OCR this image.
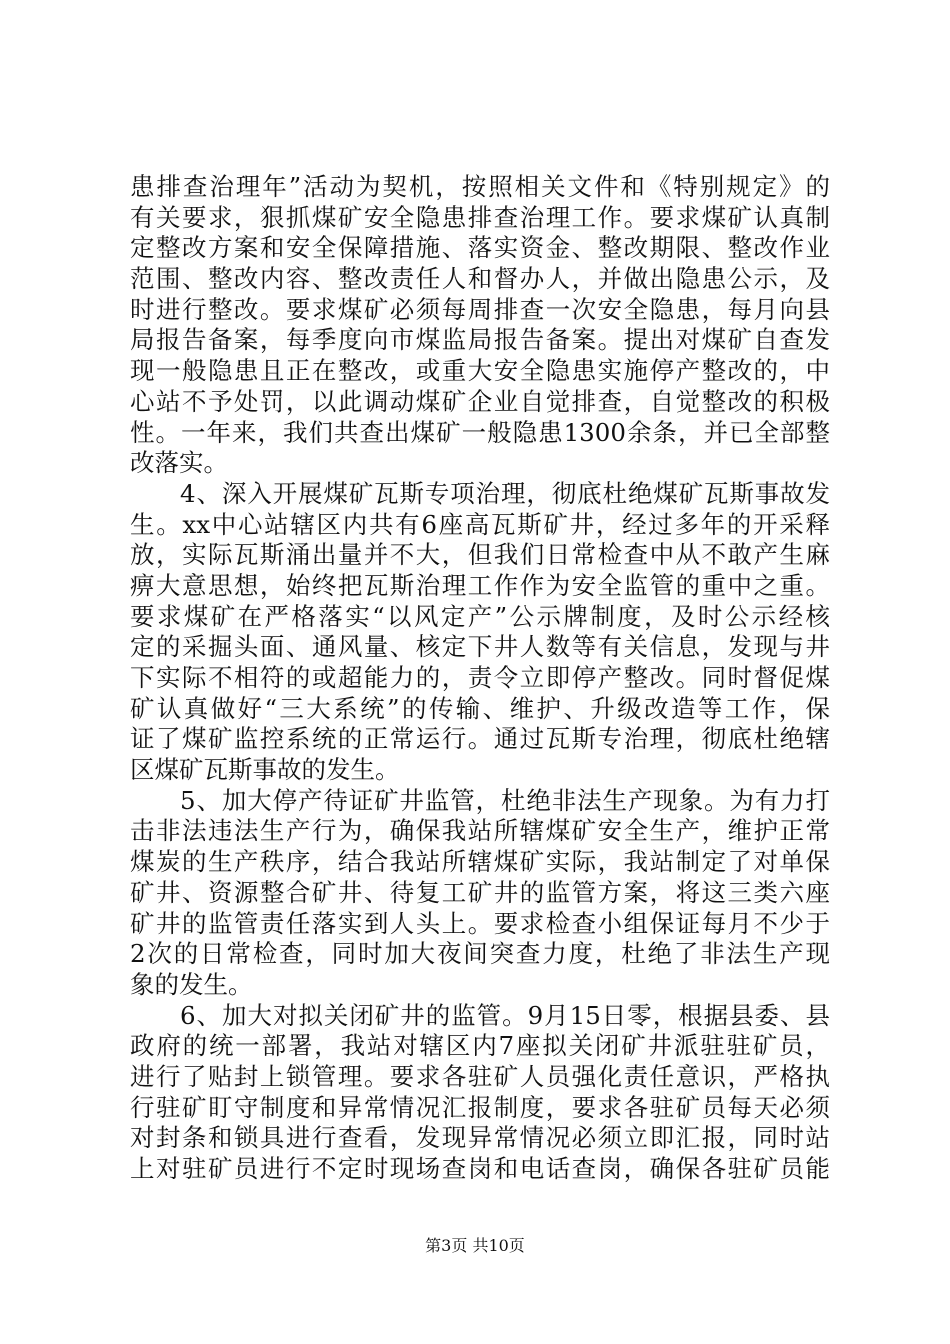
患排查治理年”活动为契机，按照相关文件和《特别规定》的
有关要求，狠抓煤矿安全隐患排查治理工作。要求煤矿认真制
定整改方案和安全保障措施、落实资金、整改期限、整改作业
范围、整改内容、整改责任人和督办人，并做出隐患公示，及
时进行整改。要求煤矿必须每周排查一次安全隐患，每月向县
局报告备案，每季度向市煤监局报告备案。提出对煤矿自查发
现一般隐患且正在整改，或重大安全隐患实施停产整改的，中
心站不予处罚，以此调动煤矿企业自觉排查，自觉整改的积极
性。一年来，我们共查出煤矿一般隐患1300余条，并已全部整
改落实。
4、深入开展煤矿瓦斯专项治理，彻底杜绝煤矿瓦斯事故发
生。xx中心站辖区内共有6座高瓦斯矿井，经过多年的开采释
放，实际瓦斯涌出量并不大，但我们日常检查中从不敢产生麻
痹大意思想，始终把瓦斯治理工作作为安全监管的重中之重。
要求煤矿在严格落实“以风定产”公示牌制度，及时公示经核
定的采掘头面、通风量、核定下井人数等有关信息，发现与井
下实际不相符的或超能力的，责令立即停产整改。同时督促煤
矿认真做好“三大系统”的传输、维护、升级改造等工作，保
证了煤矿监控系统的正常运行。通过瓦斯专治理，彻底杜绝辖
区煤矿瓦斯事故的发生。
5、加大停产待证矿井监管，杜绝非法生产现象。为有力打
击非法违法生产行为，确保我站所辖煤矿安全生产，维护正常
煤炭的生产秩序，结合我站所辖煤矿实际，我站制定了对单保
矿井、资源整合矿井、待复工矿井的监管方案，将这三类六座
矿井的监管责任落实到人头上。要求检查小组保证每月不少于
2次的日常检查，同时加大夜间突查力度，杜绝了非法生产现
象的发生。
6、加大对拟关闭矿井的监管。9月15日零，根据县委、县
政府的统一部署，我站对辖区内7座拟关闭矿井派驻驻矿员，
进行了贴封上锁管理。要求各驻矿人员强化责任意识，严格执
行驻矿盯守制度和异常情况汇报制度，要求各驻矿员每天必须
对封条和锁具进行查看，发现异常情况必须立即汇报，同时站
上对驻矿员进行不定时现场查岗和电话查岗，确保各驻矿员能
第3页 共10页
